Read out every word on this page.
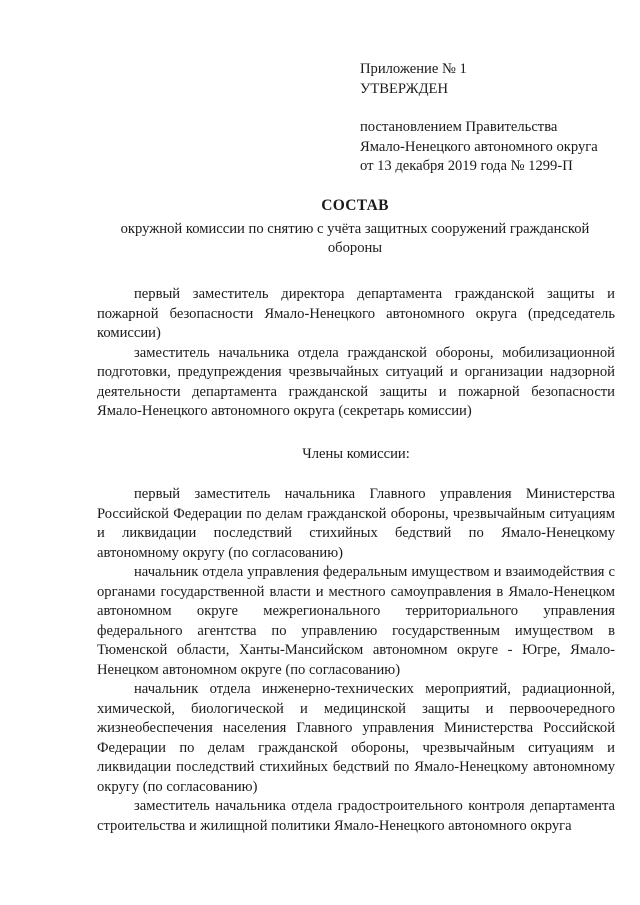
Приложение № 1
УТВЕРЖДЕН
постановлением Правительства
Ямало-Ненецкого автономного округа
от 13 декабря 2019 года № 1299-П
СОСТАВ
окружной комиссии по снятию с учёта защитных сооружений гражданской обороны

первый заместитель директора департамента гражданской защиты и пожарной безопасности Ямало-Ненецкого автономного округа (председатель комиссии)

заместитель начальника отдела гражданской обороны, мобилизационной подготовки, предупреждения чрезвычайных ситуаций и организации надзорной деятельности департамента гражданской защиты и пожарной безопасности Ямало-Ненецкого автономного округа (секретарь комиссии)

Члены комиссии:

первый заместитель начальника Главного управления Министерства Российской Федерации по делам гражданской обороны, чрезвычайным ситуациям и ликвидации последствий стихийных бедствий по Ямало-Ненецкому автономному округу (по согласованию)

начальник отдела управления федеральным имуществом и взаимодействия с органами государственной власти и местного самоуправления в Ямало-Ненецком автономном округе межрегионального территориального управления федерального агентства по управлению государственным имуществом в Тюменской области, Ханты-Мансийском автономном округе - Югре, Ямало-Ненецком автономном округе (по согласованию)

начальник отдела инженерно-технических мероприятий, радиационной, химической, биологической и медицинской защиты и первоочередного жизнеобеспечения населения Главного управления Министерства Российской Федерации по делам гражданской обороны, чрезвычайным ситуациям и ликвидации последствий стихийных бедствий по Ямало-Ненецкому автономному округу (по согласованию)

заместитель начальника отдела градостроительного контроля департамента строительства и жилищной политики Ямало-Ненецкого автономного округа
